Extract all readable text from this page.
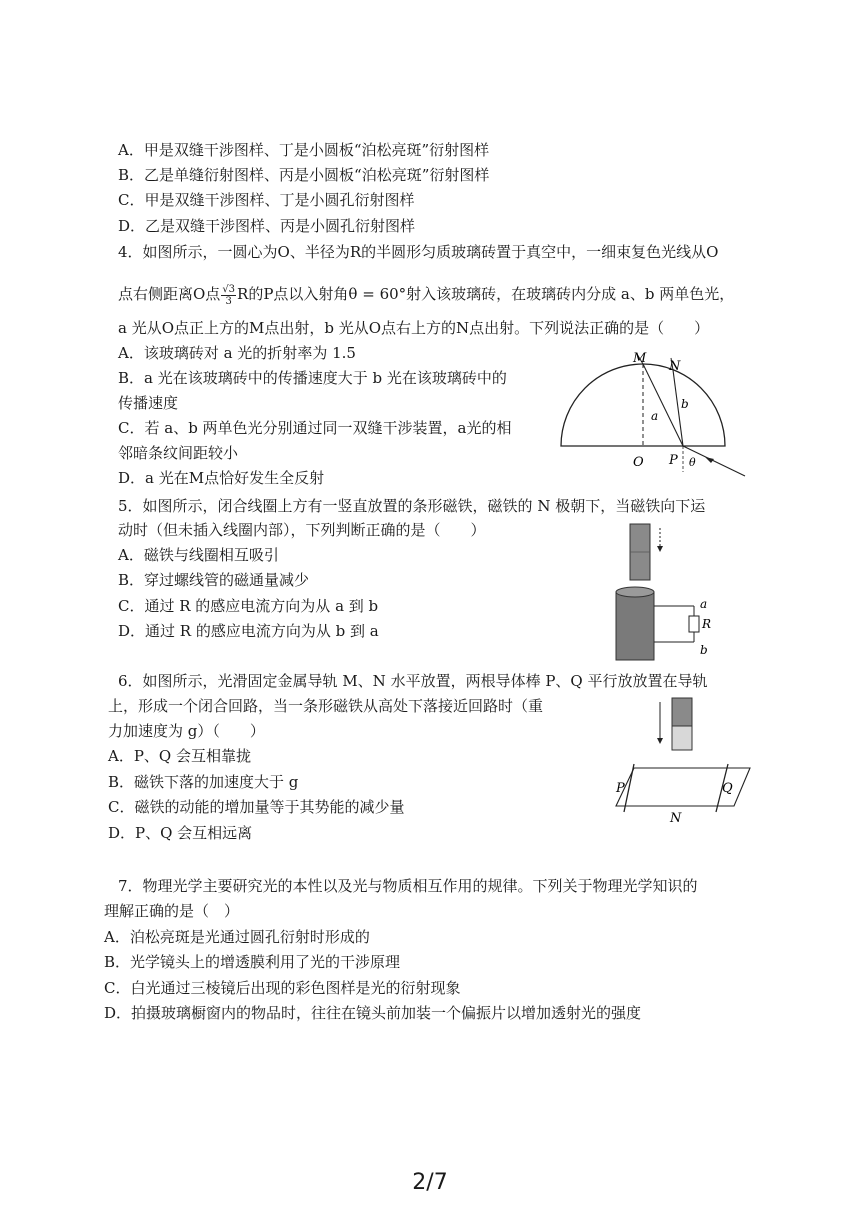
A．甲是双缝干涉图样、丁是小圆板“泊松亮斑”衍射图样
B．乙是单缝衍射图样、丙是小圆板“泊松亮斑”衍射图样
C．甲是双缝干涉图样、丁是小圆孔衍射图样
D．乙是双缝干涉图样、丙是小圆孔衍射图样
4．如图所示，一圆心为O、半径为R的半圆形匀质玻璃砖置于真空中，一细束复色光线从O
点右侧距离O点 $\frac{√3}{3}$ R的P点以入射角θ = 60°射入该玻璃砖，在玻璃砖内分成 a、b 两单色光，
a 光从O点正上方的M点出射，b 光从O点右上方的N点出射。下列说法正确的是（　　）
A．该玻璃砖对 a 光的折射率为 1.5
B．a 光在该玻璃砖中的传播速度大于 b 光在该玻璃砖中的
传播速度
C．若 a、b 两单色光分别通过同一双缝干涉装置，a光的相
邻暗条纹间距较小
D．a 光在M点恰好发生全反射
M
N
a
b
O P θ
5．如图所示，闭合线圈上方有一竖直放置的条形磁铁，磁铁的 N 极朝下，当磁铁向下运
动时（但未插入线圈内部），下列判断正确的是（　　）
A．磁铁与线圈相互吸引
B．穿过螺线管的磁通量减少
C．通过 R 的感应电流方向为从 a 到 b
D．通过 R 的感应电流方向为从 b 到 a
a
R
b
6．如图所示，光滑固定金属导轨 M、N 水平放置，两根导体棒 P、Q 平行放放置在导轨
上，形成一个闭合回路，当一条形磁铁从高处下落接近回路时（重
力加速度为 g）（　　）
A．P、Q 会互相靠拢
B．磁铁下落的加速度大于 g
C．磁铁的动能的增加量等于其势能的减少量
D．P、Q 会互相远离
P	Q
N
7．物理光学主要研究光的本性以及光与物质相互作用的规律。下列关于物理光学知识的
理解正确的是（　）
A．泊松亮斑是光通过圆孔衍射时形成的
B．光学镜头上的增透膜利用了光的干涉原理
C．白光通过三棱镜后出现的彩色图样是光的衍射现象
D．拍摄玻璃橱窗内的物品时，往往在镜头前加装一个偏振片以增加透射光的强度
2/7
